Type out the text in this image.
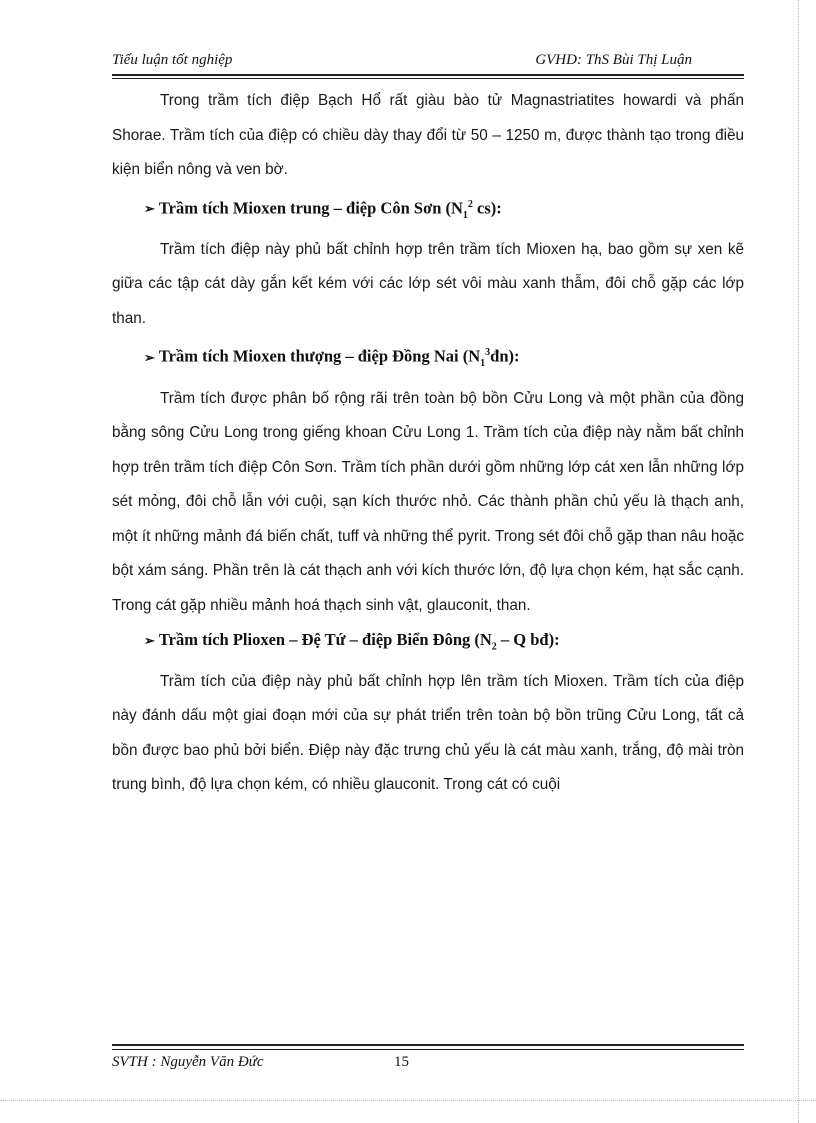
Tiểu luận tốt nghiệp	GVHD: ThS Bùi Thị Luận

Trong trầm tích điệp Bạch Hổ rất giàu bào tử Magnastriatites howardi và phấn Shorae. Trầm tích của điệp có chiều dày thay đổi từ 50 – 1250 m, được thành tạo trong điều kiện biển nông và ven bờ.

➢ Trầm tích Mioxen trung – điệp Côn Sơn ($N_1^2$ cs):

Trầm tích điệp này phủ bất chỉnh hợp trên trầm tích Mioxen hạ, bao gồm sự xen kẽ giữa các tập cát dày gắn kết kém với các lớp sét vôi màu xanh thẫm, đôi chỗ gặp các lớp than.

➢ Trầm tích Mioxen thượng – điệp Đồng Nai $(N_1^3đn)$:

Trầm tích được phân bố rộng rãi trên toàn bộ bồn Cửu Long và một phần của đồng bằng sông Cửu Long trong giếng khoan Cửu Long 1. Trầm tích của điệp này nằm bất chỉnh hợp trên trầm tích điệp Côn Sơn. Trầm tích phần dưới gồm những lớp cát xen lẫn những lớp sét mỏng, đôi chỗ lẫn với cuội, sạn kích thước nhỏ. Các thành phần chủ yếu là thạch anh, một ít những mảnh đá biến chất, tuff và những thể pyrit. Trong sét đôi chỗ gặp than nâu hoặc bột xám sáng. Phần trên là cát thạch anh với kích thước lớn, độ lựa chọn kém, hạt sắc cạnh. Trong cát gặp nhiều mảnh hoá thạch sinh vật, glauconit, than.

➢ Trầm tích Plioxen – Đệ Tứ – điệp Biển Đông ($N_2$ – Q bđ):

Trầm tích của điệp này phủ bất chỉnh hợp lên trầm tích Mioxen. Trầm tích của điệp này đánh dấu một giai đoạn mới của sự phát triển trên toàn bộ bồn trũng Cửu Long, tất cả bồn được bao phủ bởi biển. Điệp này đặc trưng chủ yếu là cát màu xanh, trắng, độ mài tròn trung bình, độ lựa chọn kém, có nhiều glauconit. Trong cát có cuội

SVTH : Nguyễn Văn Đức	15
